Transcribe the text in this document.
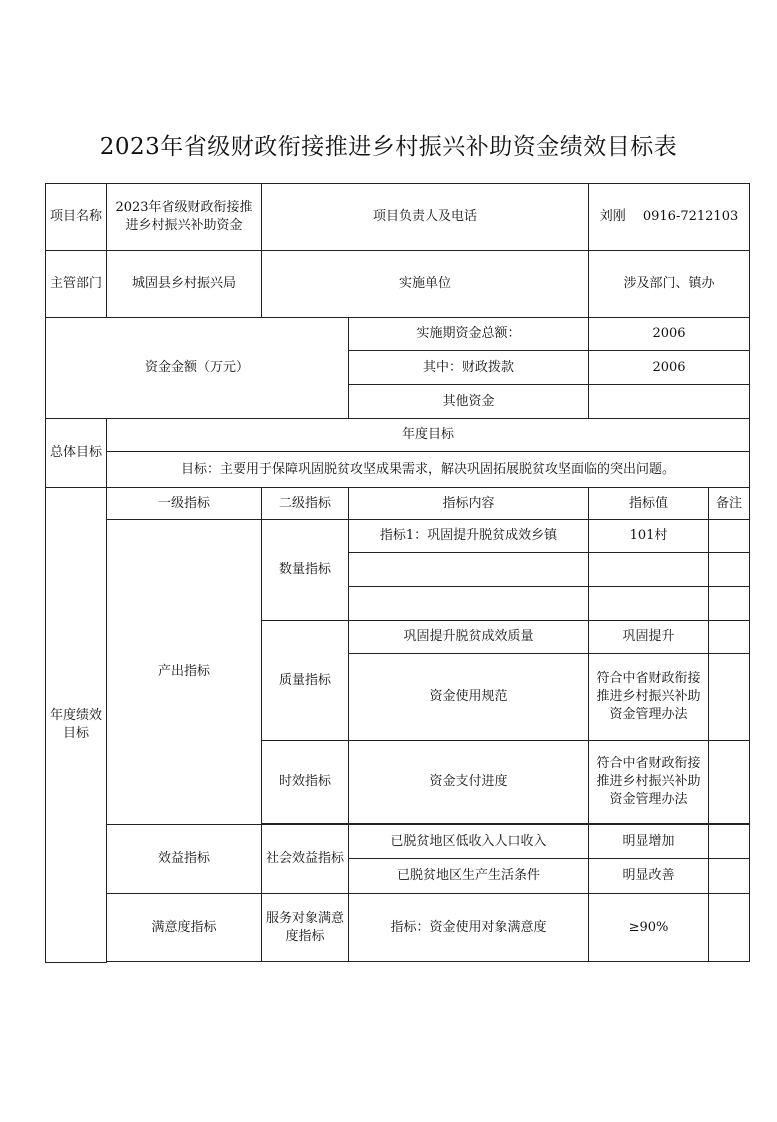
2023年省级财政衔接推进乡村振兴补助资金绩效目标表
项目名称	2023年省级财政衔接推进乡村振兴补助资金	项目负责人及电话		刘刚　 0916-7212103	
主管部门	城固县乡村振兴局	实施单位		涉及部门、镇办	
资金金额（万元）			实施期资金总额：	2006	
			其中：财政拨款	2006	
			其他资金		
总体目标	年度目标				
	目标：主要用于保障巩固脱贫攻坚成果需求，解决巩固拓展脱贫攻坚面临的突出问题。				
年度绩效目标	一级指标	二级指标	指标内容	指标值	备注
	产出指标	数量指标	指标1：巩固提升脱贫成效乡镇	101村	

		质量指标	巩固提升脱贫成效质量	巩固提升	
			资金使用规范	符合中省财政衔接推进乡村振兴补助资金管理办法	
		时效指标	资金支付进度	符合中省财政衔接推进乡村振兴补助资金管理办法	

	效益指标	社会效益指标	已脱贫地区低收入人口收入	明显增加	
			已脱贫地区生产生活条件	明显改善	
	满意度指标	服务对象满意度指标	指标：资金使用对象满意度	≥90%	
